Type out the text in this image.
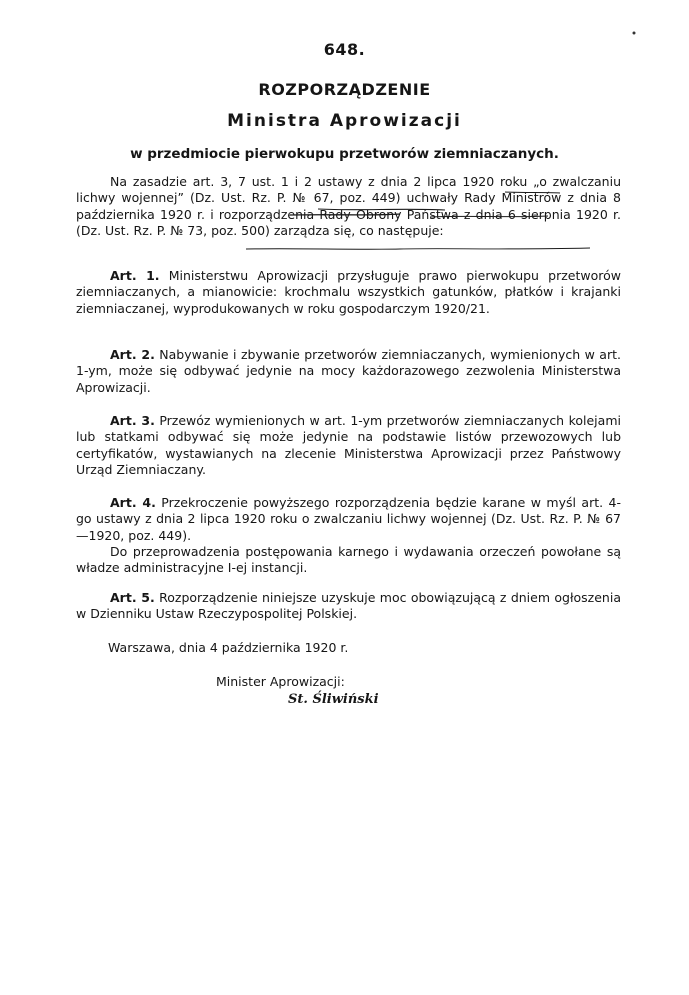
648.
ROZPORZĄDZENIE
Ministra Aprowizacji
w przedmiocie pierwokupu przetworów ziemniaczanych.

Na zasadzie art. 3, 7 ust. 1 i 2 ustawy z dnia 2 lipca 1920 roku „o zwalczaniu lichwy wojennej” (Dz. Ust. Rz. P. № 67, poz. 449) uchwały Rady Ministrów z dnia 8 października 1920 r. i rozporządzenia Rady Obrony Państwa z dnia 6 sierpnia 1920 r. (Dz. Ust. Rz. P. № 73, poz. 500) zarządza się, co następuje:

Art. 1. Ministerstwu Aprowizacji przysługuje prawo pierwokupu przetworów ziemniaczanych, a mianowicie: krochmalu wszystkich gatunków, płatków i krajanki ziemniaczanej, wyprodukowanych w roku gospodarczym 1920/21.

Art. 2. Nabywanie i zbywanie przetworów ziemniaczanych, wymienionych w art. 1-ym, może się odbywać jedynie na mocy każdorazowego zezwolenia Ministerstwa Aprowizacji.

Art. 3. Przewóz wymienionych w art. 1-ym przetworów ziemniaczanych kolejami lub statkami odbywać się może jedynie na podstawie listów przewozowych lub certyfikatów, wystawianych na zlecenie Ministerstwa Aprowizacji przez Państwowy Urząd Ziemniaczany.

Art. 4. Przekroczenie powyższego rozporządzenia będzie karane w myśl art. 4-go ustawy z dnia 2 lipca 1920 roku o zwalczaniu lichwy wojennej (Dz. Ust. Rz. P. № 67—1920, poz. 449).

Do przeprowadzenia postępowania karnego i wydawania orzeczeń powołane są władze administracyjne I-ej instancji.

Art. 5. Rozporządzenie niniejsze uzyskuje moc obowiązującą z dniem ogłoszenia w Dzienniku Ustaw Rzeczypospolitej Polskiej.

Warszawa, dnia 4 października 1920 r.
Minister Aprowizacji:
St. Śliwiński
